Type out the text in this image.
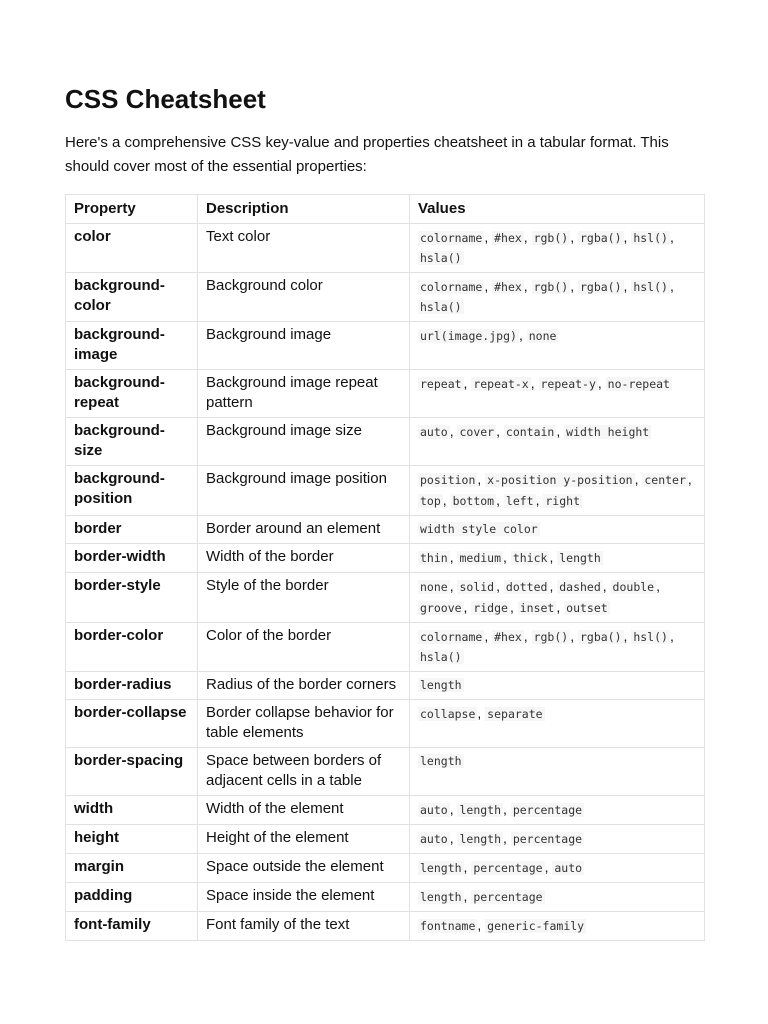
CSS Cheatsheet

Here's a comprehensive CSS key-value and properties cheatsheet in a tabular format. This should cover most of the essential properties:

Property	Description	Values
color	Text color	colorname , #hex , rgb() , rgba() , hsl() , hsla()
background-color	Background color	colorname , #hex , rgb() , rgba() , hsl() , hsla()
background-image	Background image	url(image.jpg) , none
background-repeat	Background image repeat pattern	repeat , repeat-x , repeat-y , no-repeat
background-size	Background image size	auto , cover , contain , width height
background-position	Background image position	position , x-position y-position , center , top , bottom , left , right
border	Border around an element	width style color
border-width	Width of the border	thin , medium , thick , length
border-style	Style of the border	none , solid , dotted , dashed , double , groove , ridge , inset , outset
border-color	Color of the border	colorname , #hex , rgb() , rgba() , hsl() , hsla()
border-radius	Radius of the border corners	length
border-collapse	Border collapse behavior for table elements	collapse , separate
border-spacing	Space between borders of adjacent cells in a table	length
width	Width of the element	auto , length , percentage
height	Height of the element	auto , length , percentage
margin	Space outside the element	length , percentage , auto
padding	Space inside the element	length , percentage
font-family	Font family of the text	fontname , generic-family
